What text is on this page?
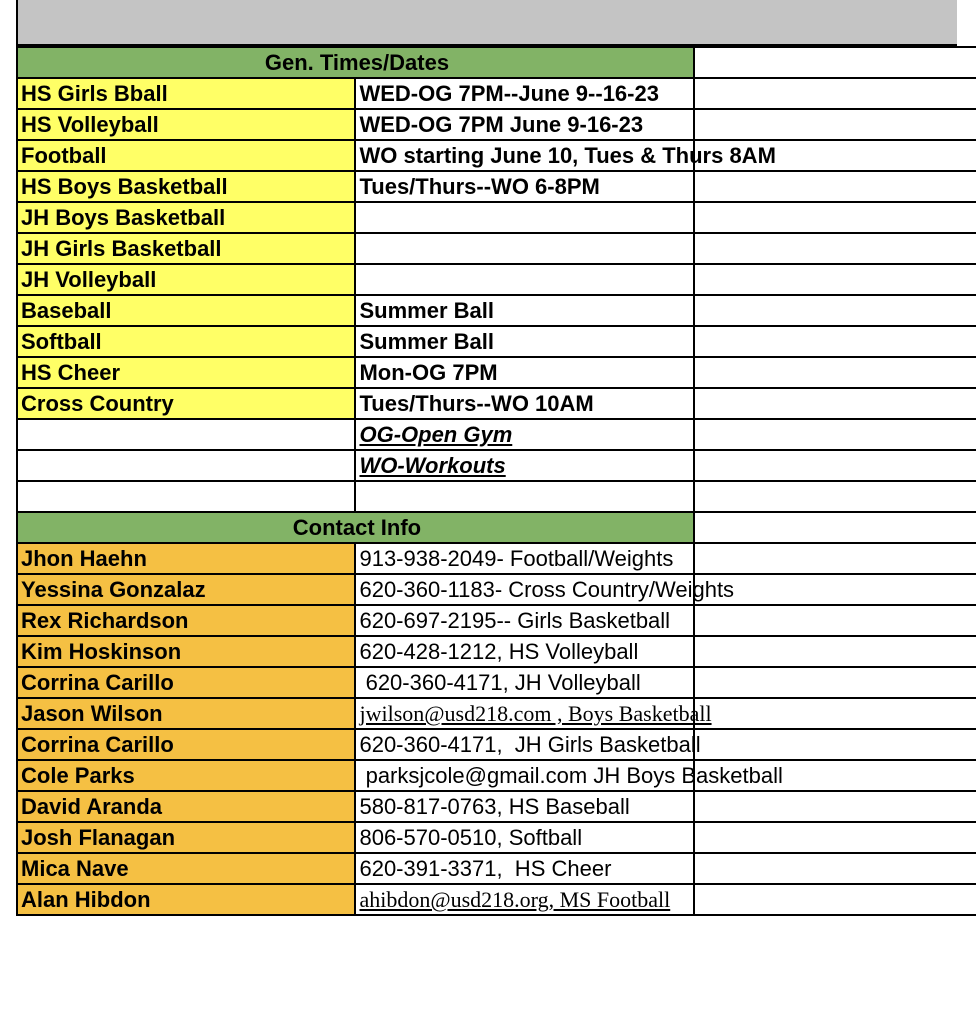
Gen. Times/Dates		
HS Girls Bball	WED-OG 7PM--June 9--16-23	
HS Volleyball	WED-OG 7PM June 9-16-23	
Football	WO starting June 10, Tues & Thurs 8AM	
HS Boys Basketball	Tues/Thurs--WO 6-8PM	
JH Boys Basketball		
JH Girls Basketball		
JH Volleyball		
Baseball	Summer Ball	
Softball	Summer Ball	
HS Cheer	Mon-OG 7PM	
Cross Country	Tues/Thurs--WO 10AM	
	OG-Open Gym	
	WO-Workouts	
	_	
Contact Info		
Jhon Haehn	913-938-2049- Football/Weights	
Yessina Gonzalaz	620-360-1183- Cross Country/Weights	
Rex Richardson	620-697-2195-- Girls Basketball	
Kim Hoskinson	620-428-1212, HS Volleyball	
Corrina Carillo	620-360-4171, JH Volleyball	
Jason Wilson	jwilson@usd218.com , Boys Basketball	
Corrina Carillo	620-360-4171,  JH Girls Basketball	
Cole Parks	parksjcole@gmail.com JH Boys Basketball	
David Aranda	580-817-0763, HS Baseball	
Josh Flanagan	806-570-0510, Softball	
Mica Nave	620-391-3371,  HS Cheer	
Alan Hibdon	ahibdon@usd218.org, MS Football	
